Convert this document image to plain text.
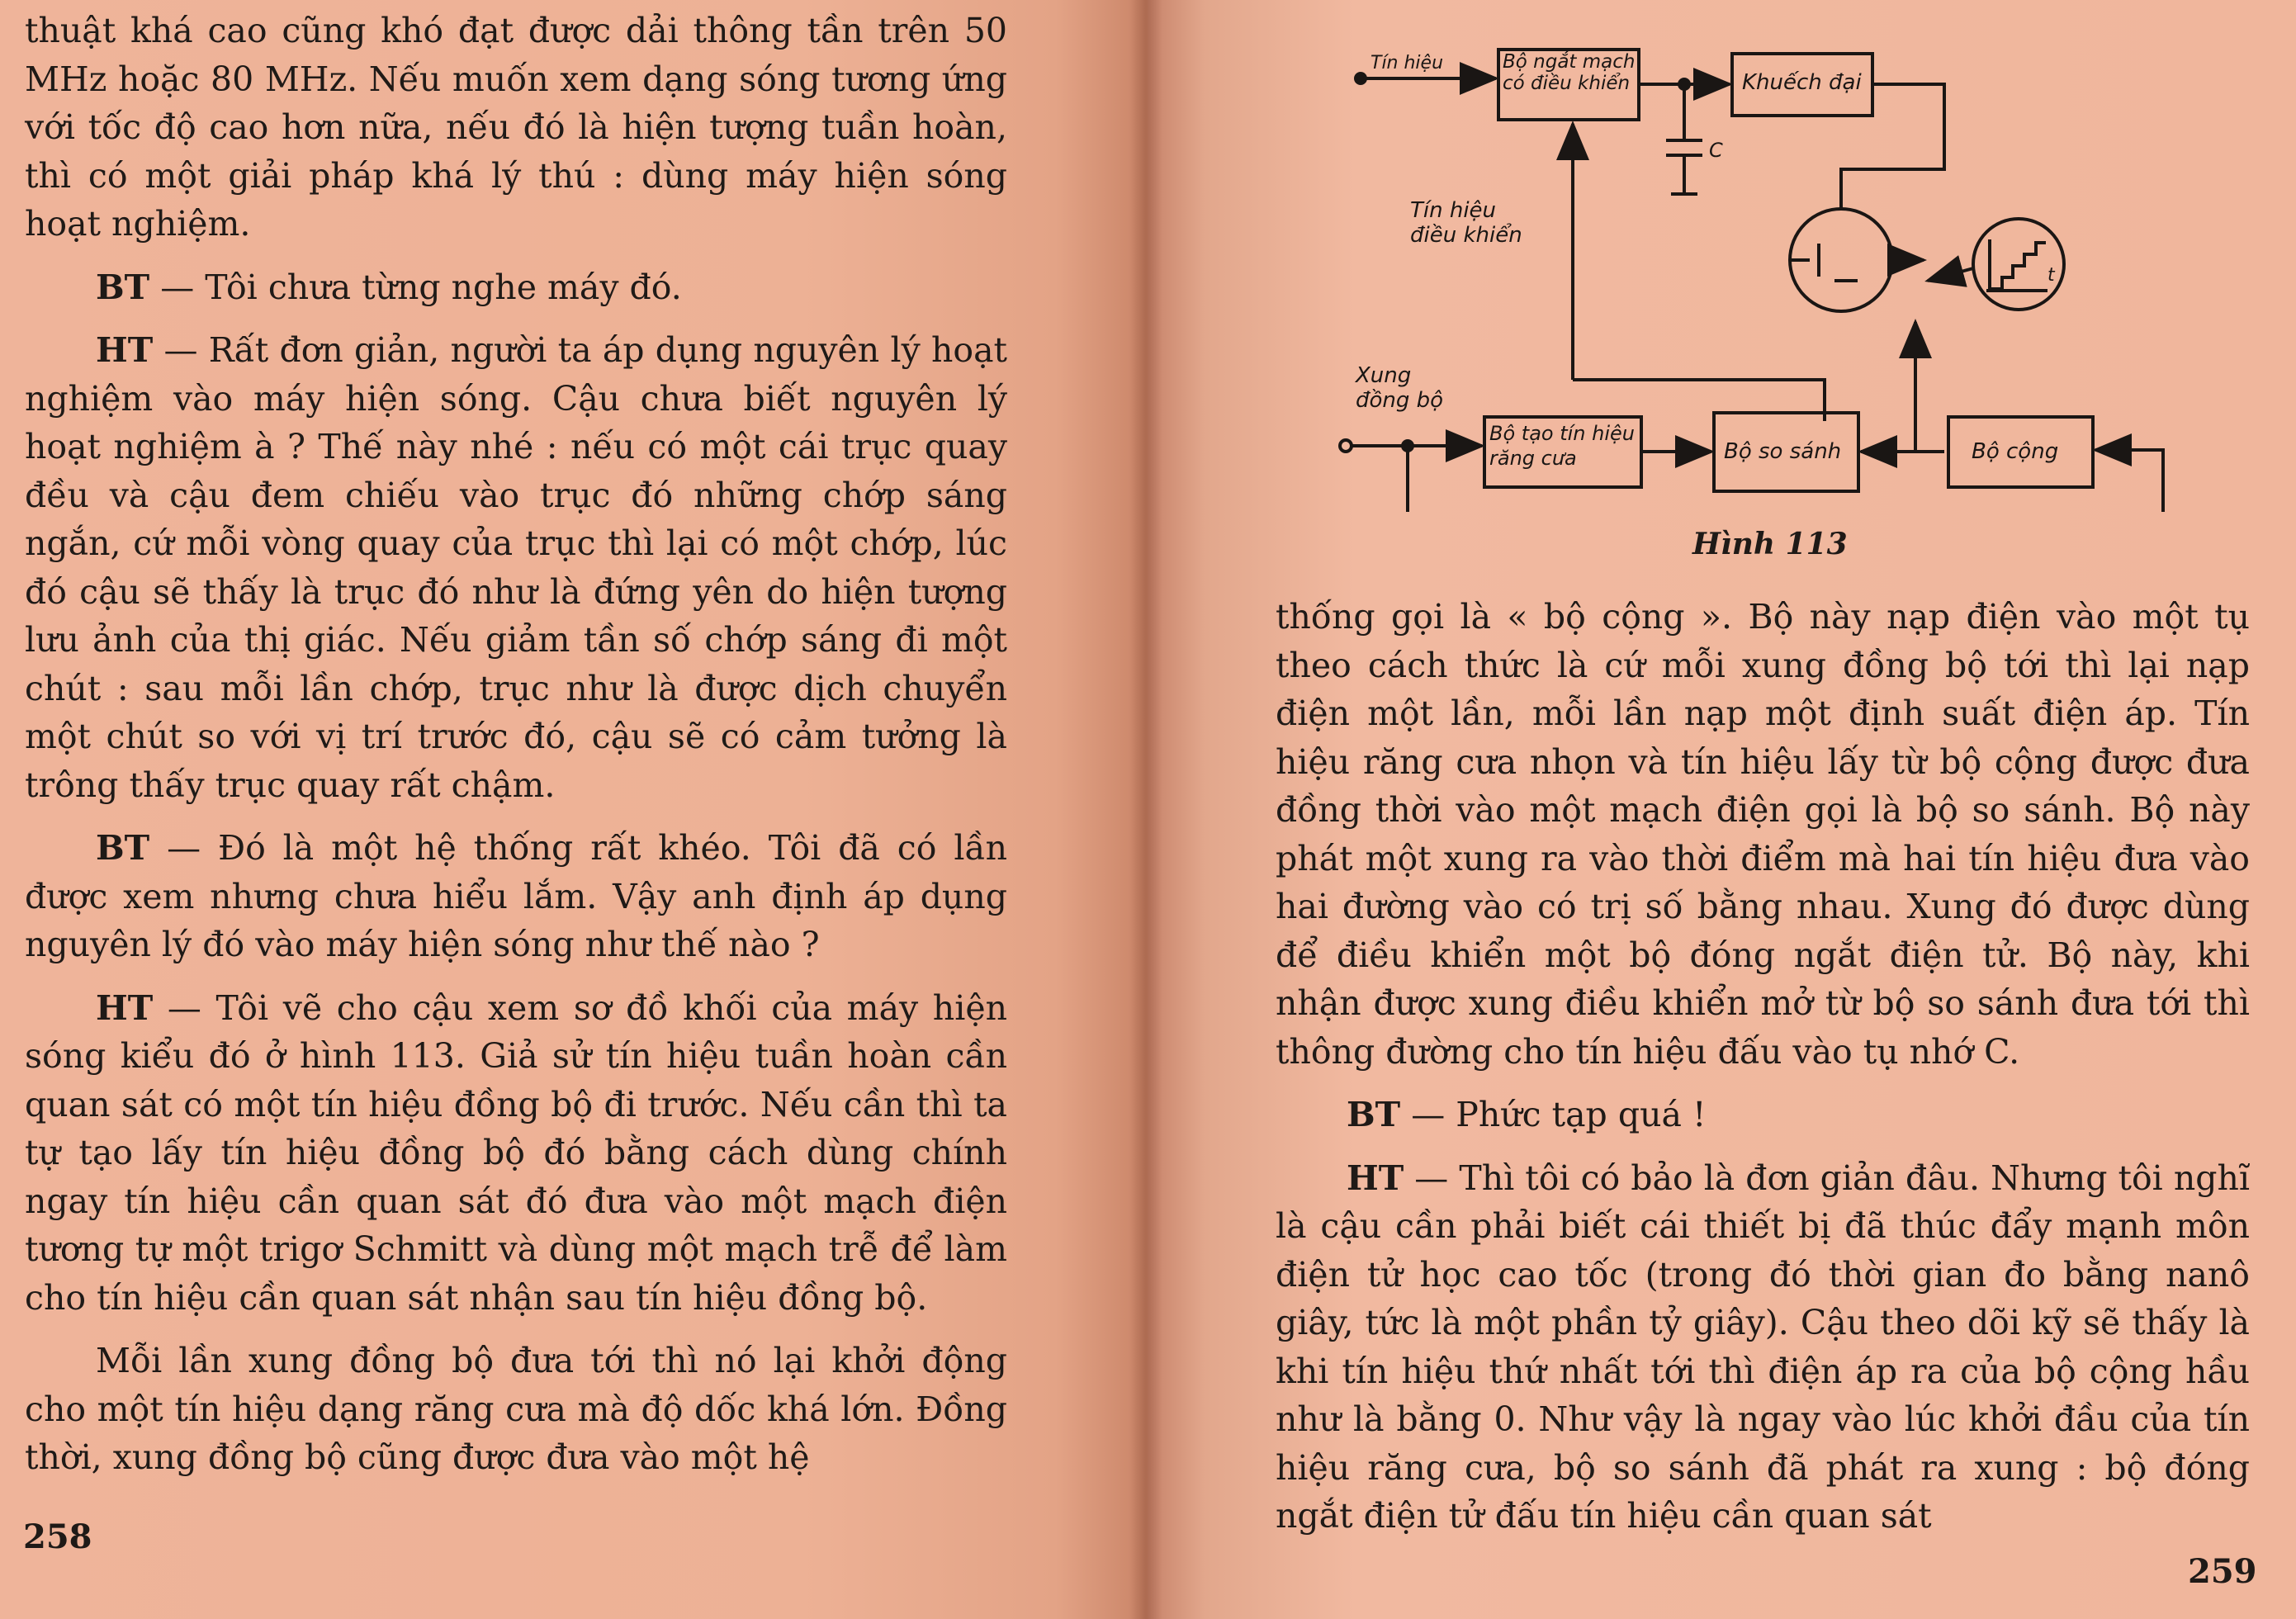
thuật khá cao cũng khó đạt được dải thông tần trên 50 MHz hoặc 80 MHz. Nếu muốn xem dạng sóng tương ứng với tốc độ cao hơn nữa, nếu đó là hiện tượng tuần hoàn, thì có một giải pháp khá lý thú : dùng máy hiện sóng hoạt nghiệm.

BT — Tôi chưa từng nghe máy đó.

HT — Rất đơn giản, người ta áp dụng nguyên lý hoạt nghiệm vào máy hiện sóng. Cậu chưa biết nguyên lý hoạt nghiệm à ? Thế này nhé : nếu có một cái trục quay đều và cậu đem chiếu vào trục đó những chớp sáng ngắn, cứ mỗi vòng quay của trục thì lại có một chớp, lúc đó cậu sẽ thấy là trục đó như là đứng yên do hiện tượng lưu ảnh của thị giác. Nếu giảm tần số chớp sáng đi một chút : sau mỗi lần chớp, trục như là được dịch chuyển một chút so với vị trí trước đó, cậu sẽ có cảm tưởng là trông thấy trục quay rất chậm.

BT — Đó là một hệ thống rất khéo. Tôi đã có lần được xem nhưng chưa hiểu lắm. Vậy anh định áp dụng nguyên lý đó vào máy hiện sóng như thế nào ?

HT — Tôi vẽ cho cậu xem sơ đồ khối của máy hiện sóng kiểu đó ở hình 113. Giả sử tín hiệu tuần hoàn cần quan sát có một tín hiệu đồng bộ đi trước. Nếu cần thì ta tự tạo lấy tín hiệu đồng bộ đó bằng cách dùng chính ngay tín hiệu cần quan sát đó đưa vào một mạch điện tương tự một trigơ Schmitt và dùng một mạch trễ để làm cho tín hiệu cần quan sát nhận sau tín hiệu đồng bộ.

Mỗi lần xung đồng bộ đưa tới thì nó lại khởi động cho một tín hiệu dạng răng cưa mà độ dốc khá lớn. Đồng thời, xung đồng bộ cũng được đưa vào một hệ

258
Tín hiệu
C
t
Bộ ngắt mạch có điều khiển	Khuếch đại
Tín hiệu điều khiển
Xung đồng bộ
Bộ tạo tín hiệu răng cưa	Bộ so sánh	Bộ cộng
Hình 113

thống gọi là « bộ cộng ». Bộ này nạp điện vào một tụ theo cách thức là cứ mỗi xung đồng bộ tới thì lại nạp điện một lần, mỗi lần nạp một định suất điện áp. Tín hiệu răng cưa nhọn và tín hiệu lấy từ bộ cộng được đưa đồng thời vào một mạch điện gọi là bộ so sánh. Bộ này phát một xung ra vào thời điểm mà hai tín hiệu đưa vào hai đường vào có trị số bằng nhau. Xung đó được dùng để điều khiển một bộ đóng ngắt điện tử. Bộ này, khi nhận được xung điều khiển mở từ bộ so sánh đưa tới thì thông đường cho tín hiệu đấu vào tụ nhớ C.

BT — Phức tạp quá !

HT — Thì tôi có bảo là đơn giản đâu. Nhưng tôi nghĩ là cậu cần phải biết cái thiết bị đã thúc đẩy mạnh môn điện tử học cao tốc (trong đó thời gian đo bằng nanô giây, tức là một phần tỷ giây). Cậu theo dõi kỹ sẽ thấy là khi tín hiệu thứ nhất tới thì điện áp ra của bộ cộng hầu như là bằng 0. Như vậy là ngay vào lúc khởi đầu của tín hiệu răng cưa, bộ so sánh đã phát ra xung : bộ đóng ngắt điện tử đấu tín hiệu cần quan sát

259
